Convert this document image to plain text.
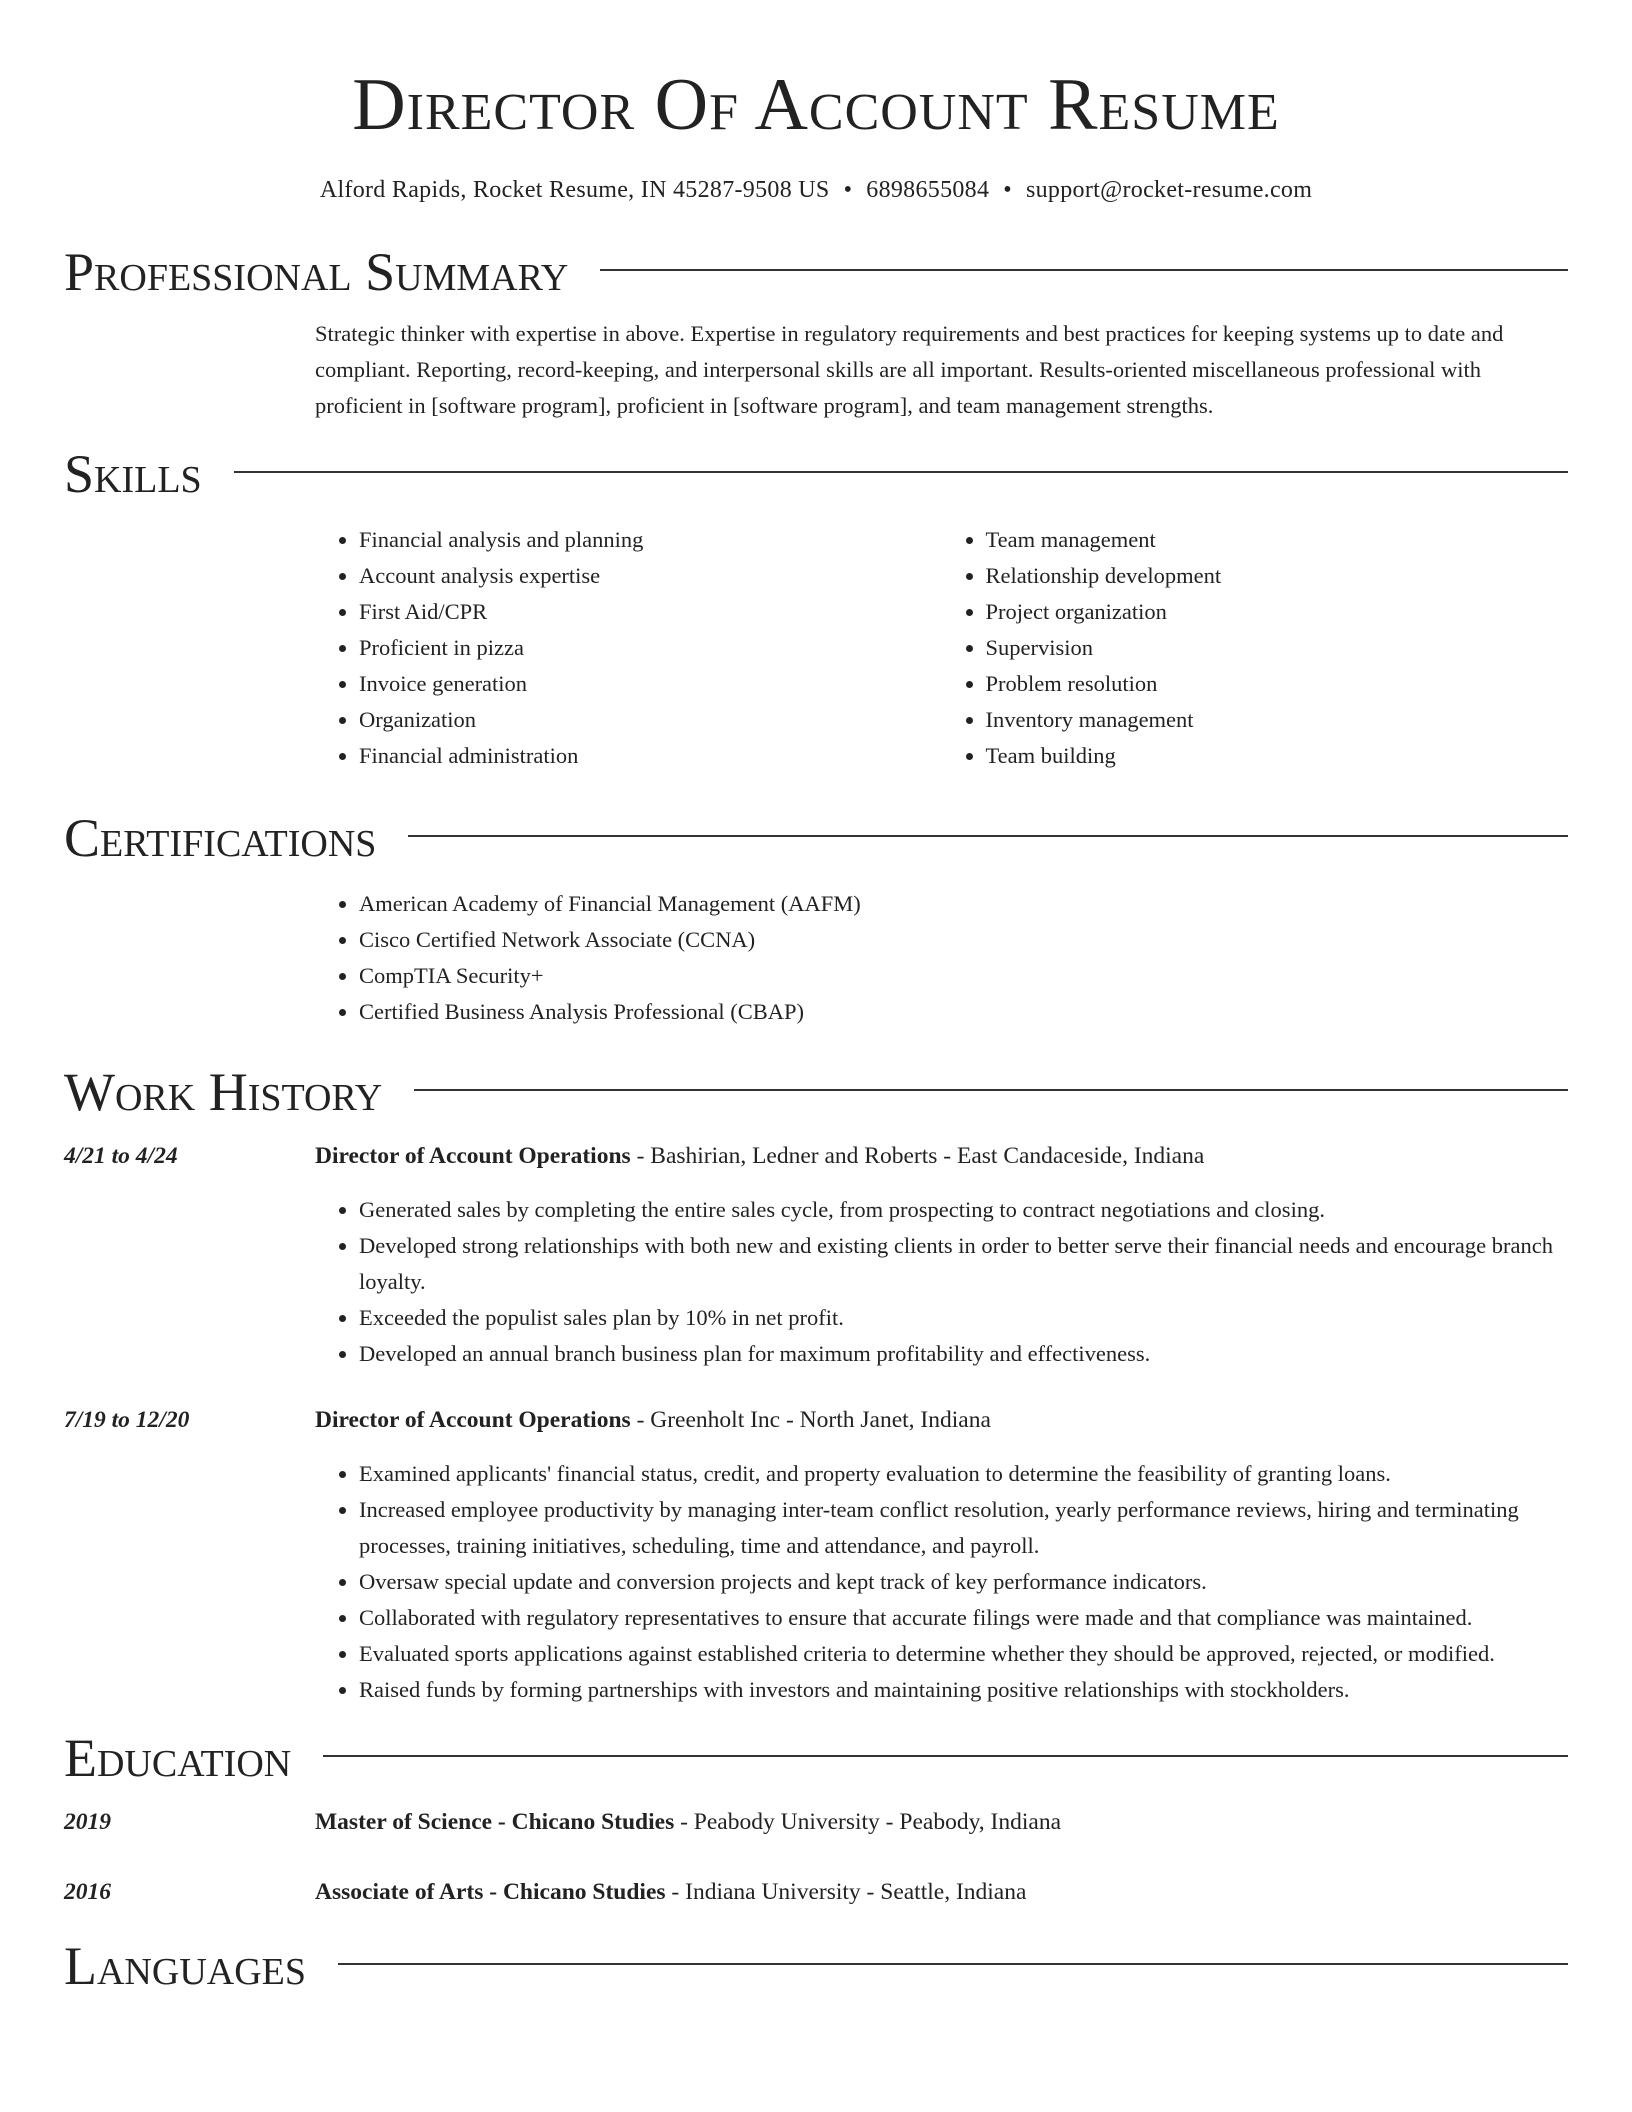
Director Of Account Resume
Alford Rapids, Rocket Resume, IN 45287-9508 US • 6898655084 • support@rocket-resume.com
Professional Summary

Strategic thinker with expertise in above. Expertise in regulatory requirements and best practices for keeping systems up to date and compliant. Reporting, record-keeping, and interpersonal skills are all important. Results-oriented miscellaneous professional with proficient in [software program], proficient in [software program], and team management strengths.

Skills
• Financial analysis and planning
• Account analysis expertise
• First Aid/CPR
• Proficient in pizza
• Invoice generation
• Organization
• Financial administration
• Team management
• Relationship development
• Project organization
• Supervision
• Problem resolution
• Inventory management
• Team building
Certifications
• American Academy of Financial Management (AAFM)
• Cisco Certified Network Associate (CCNA)
• CompTIA Security+
• Certified Business Analysis Professional (CBAP)
Work History
4/21 to 4/24	Director of Account Operations - Bashirian, Ledner and Roberts - East Candaceside, Indiana
• Generated sales by completing the entire sales cycle, from prospecting to contract negotiations and closing.
• Developed strong relationships with both new and existing clients in order to better serve their financial needs and encourage branch loyalty.
• Exceeded the populist sales plan by 10% in net profit.
• Developed an annual branch business plan for maximum profitability and effectiveness.
7/19 to 12/20	Director of Account Operations - Greenholt Inc - North Janet, Indiana
• Examined applicants' financial status, credit, and property evaluation to determine the feasibility of granting loans.
• Increased employee productivity by managing inter-team conflict resolution, yearly performance reviews, hiring and terminating processes, training initiatives, scheduling, time and attendance, and payroll.
• Oversaw special update and conversion projects and kept track of key performance indicators.
• Collaborated with regulatory representatives to ensure that accurate filings were made and that compliance was maintained.
• Evaluated sports applications against established criteria to determine whether they should be approved, rejected, or modified.
• Raised funds by forming partnerships with investors and maintaining positive relationships with stockholders.
Education
2019	Master of Science - Chicano Studies - Peabody University - Peabody, Indiana
2016	Associate of Arts - Chicano Studies - Indiana University - Seattle, Indiana
Languages
